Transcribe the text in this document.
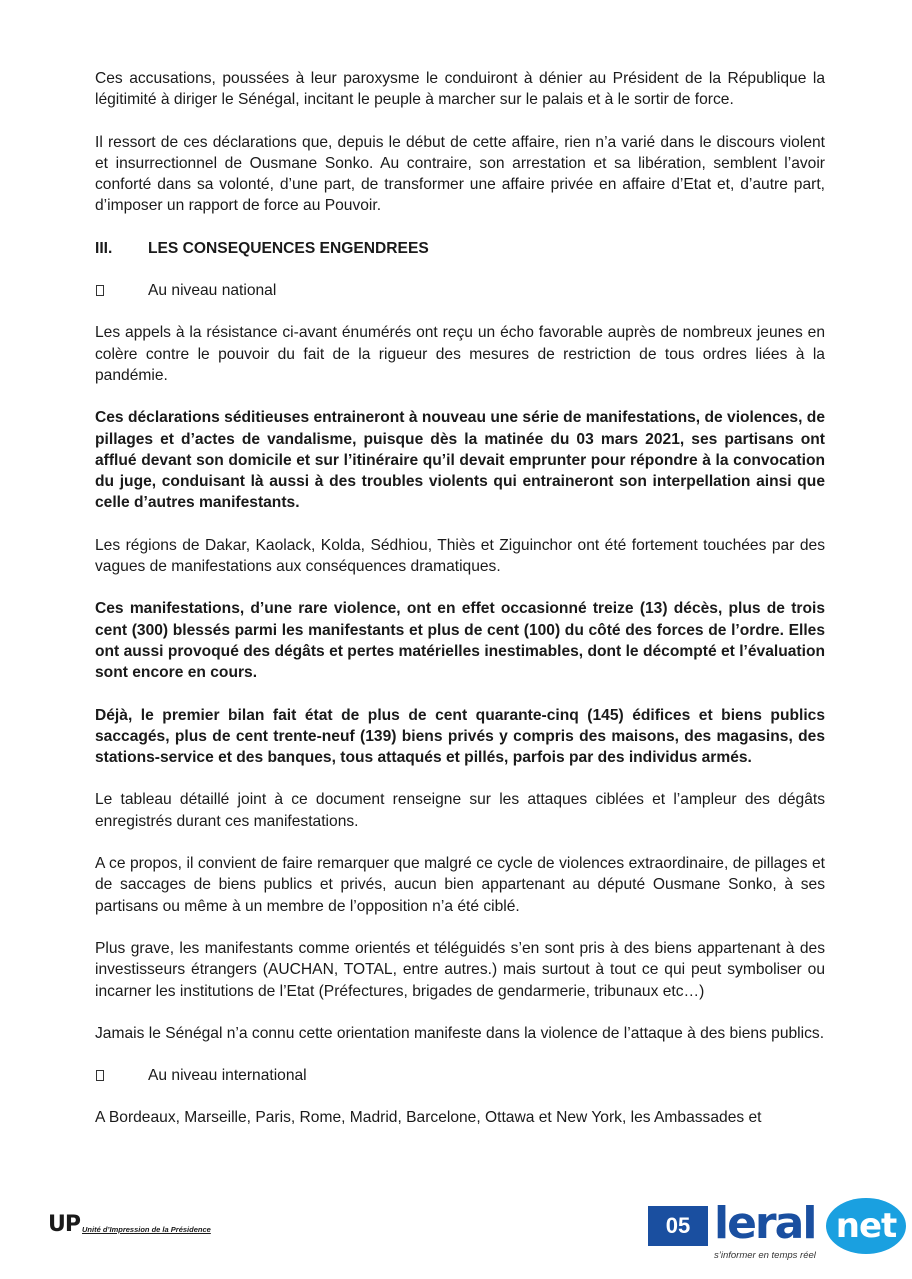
Ces accusations, poussées à leur paroxysme le conduiront à dénier au Président de la République la légitimité à diriger le Sénégal, incitant le peuple à marcher sur le palais et à le sortir de force.

Il ressort de ces déclarations que, depuis le début de cette affaire, rien n’a varié dans le discours violent et insurrectionnel de Ousmane Sonko. Au contraire, son arrestation et sa libération, semblent l’avoir conforté dans sa volonté, d’une part, de transformer une affaire privée en affaire d’Etat et, d’autre part, d’imposer un rapport de force au Pouvoir.

III.	LES CONSEQUENCES ENGENDREES
Au niveau national

Les appels à la résistance ci-avant énumérés ont reçu un écho favorable auprès de nombreux jeunes en colère contre le pouvoir du fait de la rigueur des mesures de restriction de tous ordres liées à la pandémie.

Ces déclarations séditieuses entraineront à nouveau une série de manifestations, de violences, de pillages et d’actes de vandalisme, puisque dès la matinée du 03 mars 2021, ses partisans ont afflué devant son domicile et sur l’itinéraire qu’il devait emprunter pour répondre à la convocation du juge, conduisant là aussi à des troubles violents qui entraineront son interpellation ainsi que celle d’autres manifestants.

Les régions de Dakar, Kaolack, Kolda, Sédhiou, Thiès et Ziguinchor ont été fortement touchées par des vagues de manifestations aux conséquences dramatiques.

Ces manifestations, d’une rare violence, ont en effet occasionné treize (13) décès, plus de trois cent (300) blessés parmi les manifestants et plus de cent (100) du côté des forces de l’ordre. Elles ont aussi provoqué des dégâts et pertes matérielles inestimables, dont le décompté et l’évaluation sont encore en cours.

Déjà, le premier bilan fait état de plus de cent quarante-cinq (145) édifices et biens publics saccagés, plus de cent trente-neuf (139) biens privés y compris des maisons, des magasins, des stations-service et des banques, tous attaqués et pillés, parfois par des individus armés.

Le tableau détaillé joint à ce document renseigne sur les attaques ciblées et l’ampleur des dégâts enregistrés durant ces manifestations.

A ce propos, il convient de faire remarquer que malgré ce cycle de violences extraordinaire, de pillages et de saccages de biens publics et privés, aucun bien appartenant au député Ousmane Sonko, à ses partisans ou même à un membre de l’opposition n’a été ciblé.

Plus grave, les manifestants comme orientés et téléguidés s’en sont pris à des biens appartenant à des investisseurs étrangers (AUCHAN, TOTAL, entre autres.) mais surtout à tout ce qui peut symboliser ou incarner les institutions de l’Etat (Préfectures, brigades de gendarmerie, tribunaux etc…)

Jamais le Sénégal n’a connu cette orientation manifeste dans la violence de l’attaque à des biens publics.

Au niveau international

A Bordeaux, Marseille, Paris, Rome, Madrid, Barcelone, Ottawa et New York, les Ambassades et

UP Unité d’Impression de la Présidence	05 leral net
s’informer en temps réel
